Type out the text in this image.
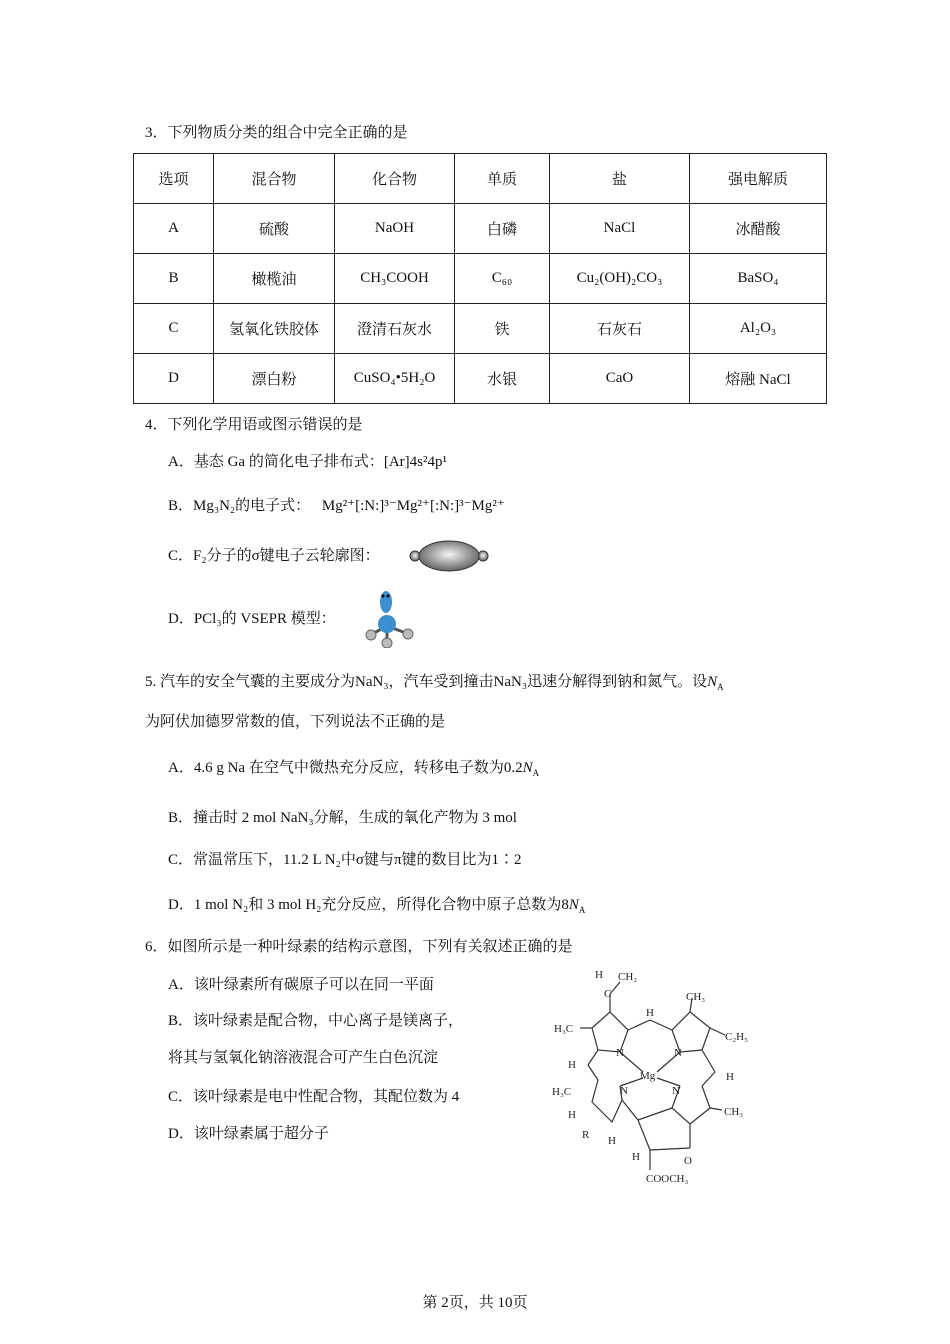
3．下列物质分类的组合中完全正确的是
选项	混合物	化合物	单质	盐	强电解质
A	硫酸	NaOH	白磷	NaCl	冰醋酸
B	橄榄油	CH₃COOH	C₆₀	Cu₂(OH)₂CO₃	BaSO₄
C	氢氧化铁胶体	澄清石灰水	铁	石灰石	Al₂O₃
D	漂白粉	CuSO₄•5H₂O	水银	CaO	熔融 NaCl
4．下列化学用语或图示错误的是
A．基态 Ga 的简化电子排布式：[Ar]4s²4p¹
B．Mg₃N₂的电子式： Mg²⁺[:N:]³⁻Mg²⁺[:N:]³⁻Mg²⁺
C．F₂分子的σ键电子云轮廓图：
D．PCl₃的 VSEPR 模型：
5. 汽车的安全气囊的主要成分为NaN₃，汽车受到撞击NaN₃迅速分解得到钠和氮气。设$N_A$
为阿伏加德罗常数的值，下列说法不正确的是
A．4.6 g Na 在空气中微热充分反应，转移电子数为$0.2N_A$
B．撞击时 2 mol NaN₃分解，生成的氧化产物为 3 mol
C．常温常压下，11.2 L N₂中σ键与π键的数目比为1∶2
D．1 mol N₂和 3 mol H₂充分反应，所得化合物中原子总数为$8N_A$
6．如图所示是一种叶绿素的结构示意图，下列有关叙述正确的是
A．该叶绿素所有碳原子可以在同一平面
B．该叶绿素是配合物，中心离子是镁离子，
将其与氢氧化钠溶液混合可产生白色沉淀
C．该叶绿素是电中性配合物，其配位数为 4
D．该叶绿素属于超分子
H CH₂
C
H
CH₃
H₃C
C₂H₅
N	N
N	N
Mg
H
H
H₃C
H	CH₃
R H
H	O
COOCH₃
第 2页，共 10页
